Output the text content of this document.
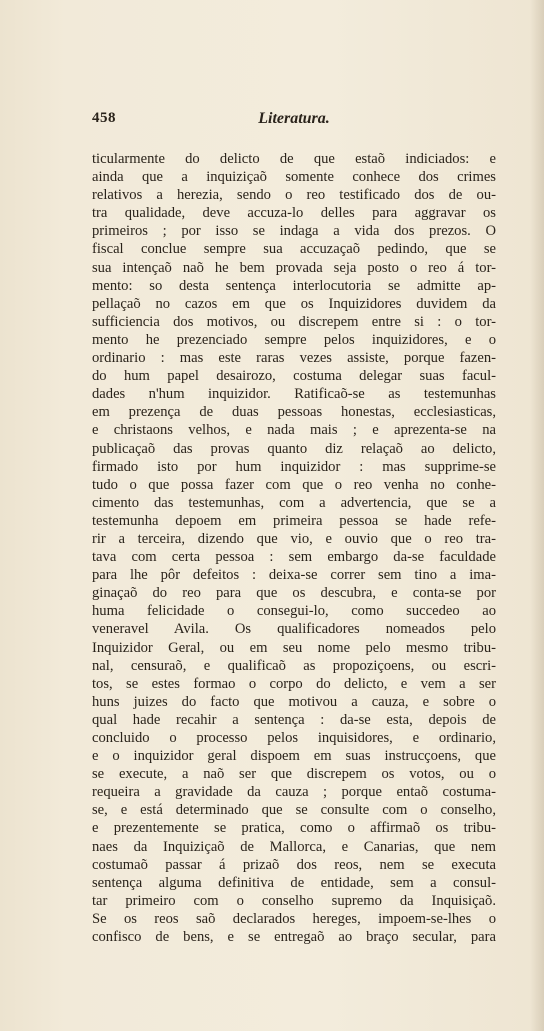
458	Literatura.
ticularmente do delicto de que estaõ indiciados: e
ainda que a inquiziçaõ somente conhece dos crimes
relativos a herezia, sendo o reo testificado dos de ou-
tra qualidade, deve accuza-lo delles para aggravar os
primeiros ; por isso se indaga a vida dos prezos. O
fiscal conclue sempre sua accuzaçaõ pedindo, que se
sua intençaõ naõ he bem provada seja posto o reo á tor-
mento: so desta sentença interlocutoria se admitte ap-
pellaçaõ no cazos em que os Inquizidores duvidem da
sufficiencia dos motivos, ou discrepem entre si : o tor-
mento he prezenciado sempre pelos inquizidores, e o
ordinario : mas este raras vezes assiste, porque fazen-
do hum papel desairozo, costuma delegar suas facul-
dades n'hum inquizidor. Ratificaõ-se as testemunhas
em prezença de duas pessoas honestas, ecclesiasticas,
e christaons velhos, e nada mais ; e aprezenta-se na
publicaçaõ das provas quanto diz relaçaõ ao delicto,
firmado isto por hum inquizidor : mas supprime-se
tudo o que possa fazer com que o reo venha no conhe-
cimento das testemunhas, com a advertencia, que se a
testemunha depoem em primeira pessoa se hade refe-
rir a terceira, dizendo que vio, e ouvio que o reo tra-
tava com certa pessoa : sem embargo da-se faculdade
para lhe pôr defeitos : deixa-se correr sem tino a ima-
ginaçaõ do reo para que os descubra, e conta-se por
huma felicidade o consegui-lo, como succedeo ao
veneravel Avila. Os qualificadores nomeados pelo
Inquizidor Geral, ou em seu nome pelo mesmo tribu-
nal, censuraõ, e qualificaõ as propoziçoens, ou escri-
tos, se estes formao o corpo do delicto, e vem a ser
huns juizes do facto que motivou a cauza, e sobre o
qual hade recahir a sentença : da-se esta, depois de
concluido o processo pelos inquisidores, e ordinario,
e o inquizidor geral dispoem em suas instrucçoens, que
se execute, a naõ ser que discrepem os votos, ou o
requeira a gravidade da cauza ; porque entaõ costuma-
se, e está determinado que se consulte com o conselho,
e prezentemente se pratica, como o affirmaõ os tribu-
naes da Inquiziçaõ de Mallorca, e Canarias, que nem
costumaõ passar á prizaõ dos reos, nem se executa
sentença alguma definitiva de entidade, sem a consul-
tar primeiro com o conselho supremo da Inquisiçaõ.
Se os reos saõ declarados hereges, impoem-se-lhes o
confisco de bens, e se entregaõ ao braço secular, para
